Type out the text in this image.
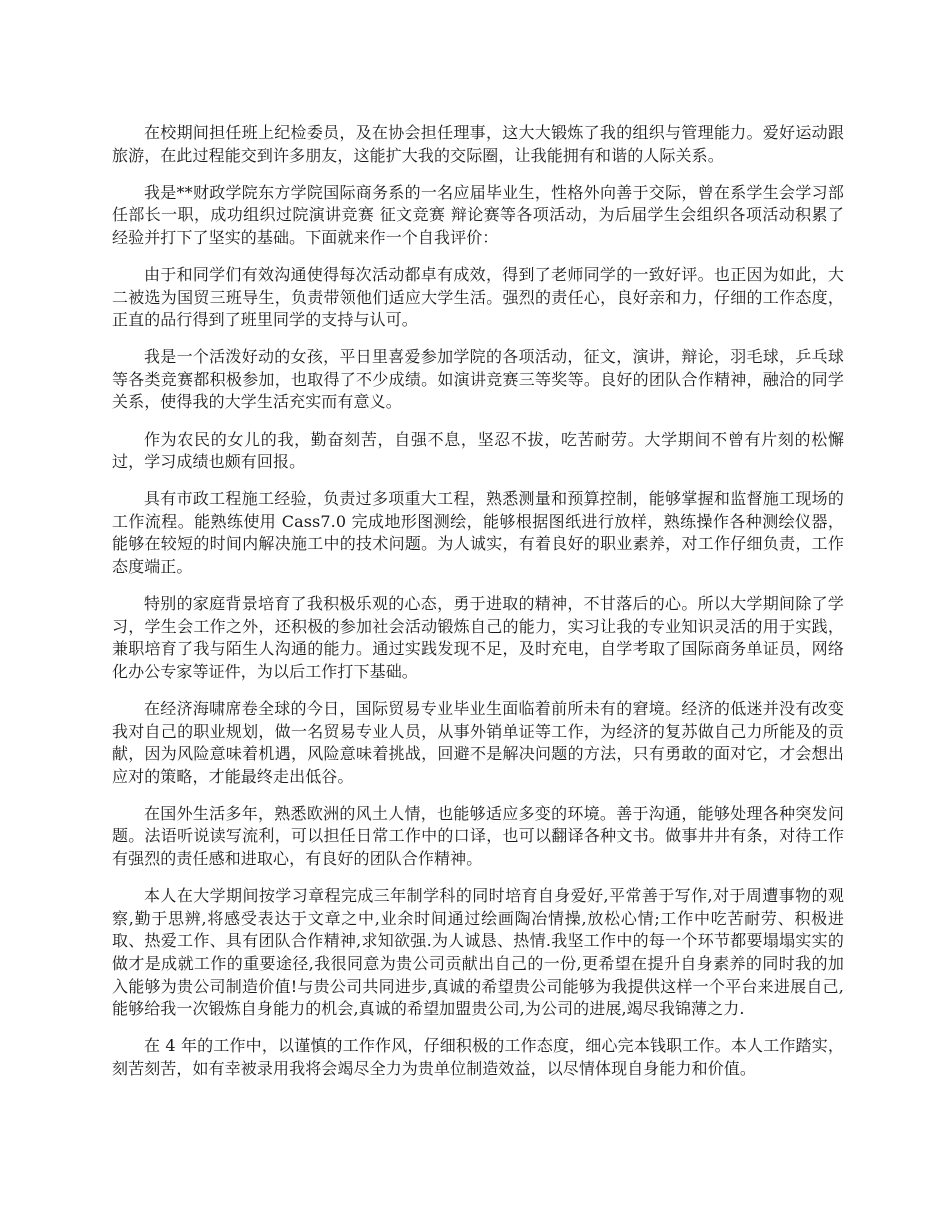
在校期间担任班上纪检委员，及在协会担任理事，这大大锻炼了我的组织与管理能力。爱好运动跟旅游，在此过程能交到许多朋友，这能扩大我的交际圈，让我能拥有和谐的人际关系。

我是**财政学院东方学院国际商务系的一名应届毕业生，性格外向善于交际，曾在系学生会学习部任部长一职，成功组织过院演讲竞赛 征文竞赛 辩论赛等各项活动，为后届学生会组织各项活动积累了经验并打下了坚实的基础。下面就来作一个自我评价：

由于和同学们有效沟通使得每次活动都卓有成效，得到了老师同学的一致好评。也正因为如此，大二被选为国贸三班导生，负责带领他们适应大学生活。强烈的责任心，良好亲和力，仔细的工作态度，正直的品行得到了班里同学的支持与认可。

我是一个活泼好动的女孩，平日里喜爱参加学院的各项活动，征文，演讲，辩论，羽毛球，乒乓球等各类竞赛都积极参加，也取得了不少成绩。如演讲竞赛三等奖等。良好的团队合作精神，融洽的同学关系，使得我的大学生活充实而有意义。

作为农民的女儿的我，勤奋刻苦，自强不息，坚忍不拔，吃苦耐劳。大学期间不曾有片刻的松懈过，学习成绩也颇有回报。

具有市政工程施工经验，负责过多项重大工程，熟悉测量和预算控制，能够掌握和监督施工现场的工作流程。能熟练使用 Cass7.0 完成地形图测绘，能够根据图纸进行放样，熟练操作各种测绘仪器，能够在较短的时间内解决施工中的技术问题。为人诚实，有着良好的职业素养，对工作仔细负责，工作态度端正。

特别的家庭背景培育了我积极乐观的心态，勇于进取的精神，不甘落后的心。所以大学期间除了学习，学生会工作之外，还积极的参加社会活动锻炼自己的能力，实习让我的专业知识灵活的用于实践，兼职培育了我与陌生人沟通的能力。通过实践发现不足，及时充电，自学考取了国际商务单证员，网络化办公专家等证件，为以后工作打下基础。

在经济海啸席卷全球的今日，国际贸易专业毕业生面临着前所未有的窘境。经济的低迷并没有改变我对自己的职业规划，做一名贸易专业人员，从事外销单证等工作，为经济的复苏做自己力所能及的贡献，因为风险意味着机遇，风险意味着挑战，回避不是解决问题的方法，只有勇敢的面对它，才会想出应对的策略，才能最终走出低谷。

在国外生活多年，熟悉欧洲的风土人情，也能够适应多变的环境。善于沟通，能够处理各种突发问题。法语听说读写流利，可以担任日常工作中的口译，也可以翻译各种文书。做事井井有条，对待工作有强烈的责任感和进取心，有良好的团队合作精神。

本人在大学期间按学习章程完成三年制学科的同时培育自身爱好,平常善于写作,对于周遭事物的观察,勤于思辨,将感受表达于文章之中,业余时间通过绘画陶冶情操,放松心情;工作中吃苦耐劳、积极进取、热爱工作、具有团队合作精神,求知欲强.为人诚恳、热情.我坚工作中的每一个环节都要塌塌实实的做才是成就工作的重要途径,我很同意为贵公司贡献出自己的一份,更希望在提升自身素养的同时我的加入能够为贵公司制造价值!与贵公司共同进步,真诚的希望贵公司能够为我提供这样一个平台来进展自己,能够给我一次锻炼自身能力的机会,真诚的希望加盟贵公司,为公司的进展,竭尽我锦薄之力.

在 4 年的工作中，以谨慎的工作作风，仔细积极的工作态度，细心完本钱职工作。本人工作踏实，刻苦刻苦，如有幸被录用我将会竭尽全力为贵单位制造效益，以尽情体现自身能力和价值。
